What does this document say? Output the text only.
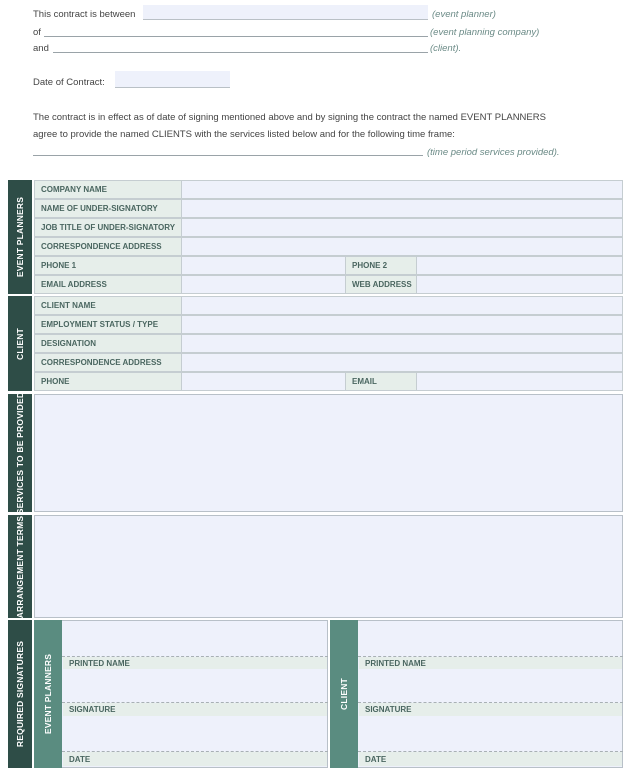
This contract is between	(event planner)
of	(event planning company)
and	(client).
Date of Contract:
The contract is in effect as of date of signing mentioned above and by signing the contract the named EVENT PLANNERS
agree to provide the named CLIENTS with the services listed below and for the following time frame:
(time period services provided).
EVENT PLANNERS
COMPANY NAME
NAME OF UNDER-SIGNATORY
JOB TITLE OF UNDER-SIGNATORY
CORRESPONDENCE ADDRESS
PHONE 1	PHONE 2
EMAIL ADDRESS	WEB ADDRESS
CLIENT
CLIENT NAME
EMPLOYMENT STATUS / TYPE
DESIGNATION
CORRESPONDENCE ADDRESS
PHONE	EMAIL
SERVICES TO BE PROVIDED
ARRANGEMENT TERMS
REQUIRED SIGNATURES EVENT PLANNERS	PRINTED NAME
SIGNATURE
DATE
CLIENT
PRINTED NAME
SIGNATURE
DATE
